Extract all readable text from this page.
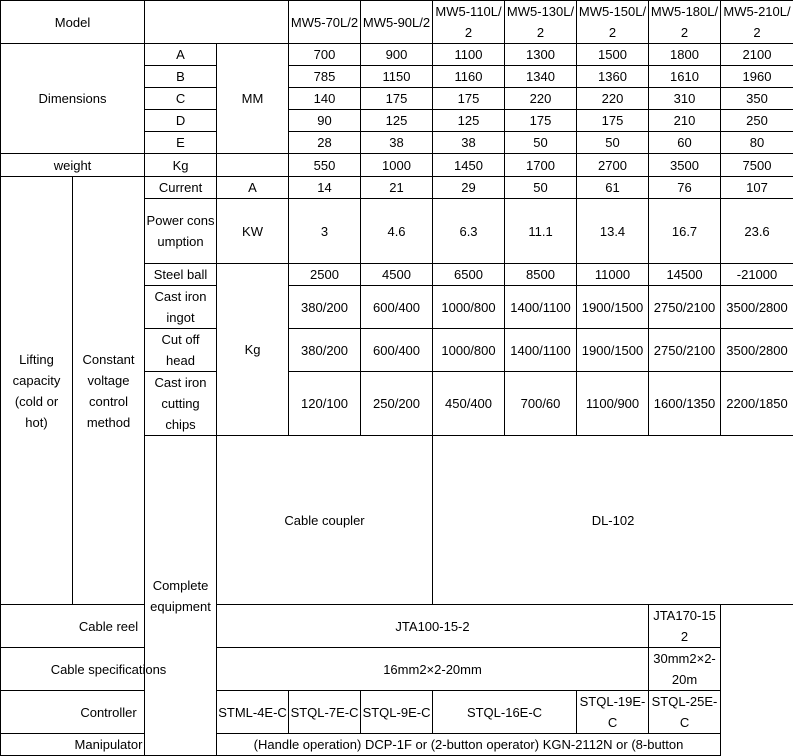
Model				MW5-70L/2	MW5-90L/2	MW5-110L/2	MW5-130L/2	MW5-150L/2	MW5-180L/2	MW5-210L/2	
Dimensions		A	MM	700	900	1100	1300	1500	1800	2100	
		B		785	1150	1160	1340	1360	1610	1960	
		C		140	175	175	220	220	310	350	
		D		90	125	125	175	175	210	250	
		E		28	38	38	50	50	60	80	
weight		Kg		550	1000	1450	1700	2700	3500	7500	
Lifting capacity (cold or hot)	Constant voltage control method	Current	A	14	21	29	50	61	76	107	
		Power consumption	KW	3	4.6	6.3	11.1	13.4	16.7	23.6	
		Steel ball	Kg	2500	4500	6500	8500	11000	14500	-21000	
		Cast iron ingot		380/200	600/400	1000/800	1400/1100	1900/1500	2750/2100	3500/2800	
		Cut off head		380/200	600/400	1000/800	1400/1100	1900/1500	2750/2100	3500/2800	
		Cast iron cutting chips		120/100	250/200	450/400	700/60	1100/900	1600/1350	2200/1850	
		Complete equipment	Cable coupler			DL-102	
Cable reel			JTA100-15-2						JTA170-152		
Cable specifications			16mm2×2-20mm						30mm2×2-20m		
Controller			STML-4E-C	STQL-7E-C	STQL-9E-C	STQL-16E-C		STQL-19E-C	STQL-25E-C		
Manipulator			(Handle operation) DCP-1F or (2-button operator) KGN-2112N or (8-button								
